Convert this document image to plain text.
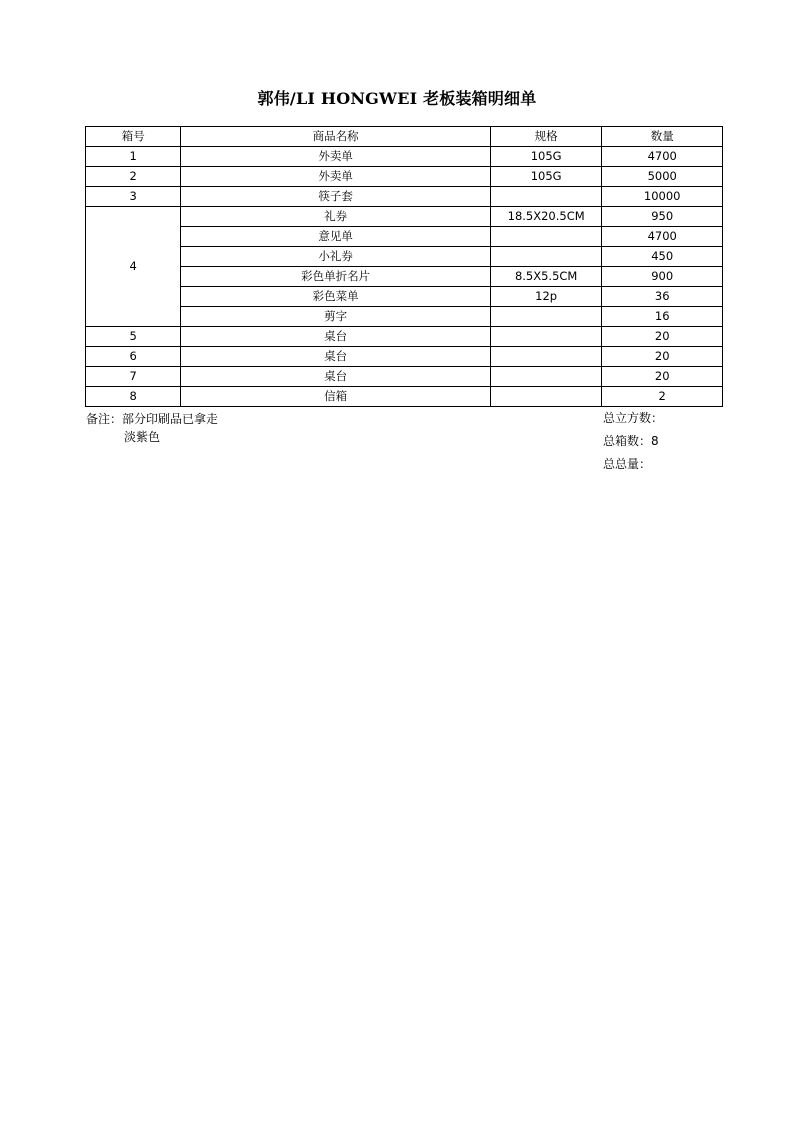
郭伟/LI HONGWEI 老板装箱明细单
箱号	商品名称	规格	数量
1	外卖单	105G	4700
2	外卖单	105G	5000
3	筷子套		10000
4	礼券	18.5X20.5CM	950
	意见单		4700
	小礼券		450
	彩色单折名片	8.5X5.5CM	900
	彩色菜单	12p	36
	剪字		16
5	桌台		20
6	桌台		20
7	桌台		20
8	信箱		2
备注：部分印刷品已拿走
淡紫色
总立方数：
总箱数：8
总总量：
